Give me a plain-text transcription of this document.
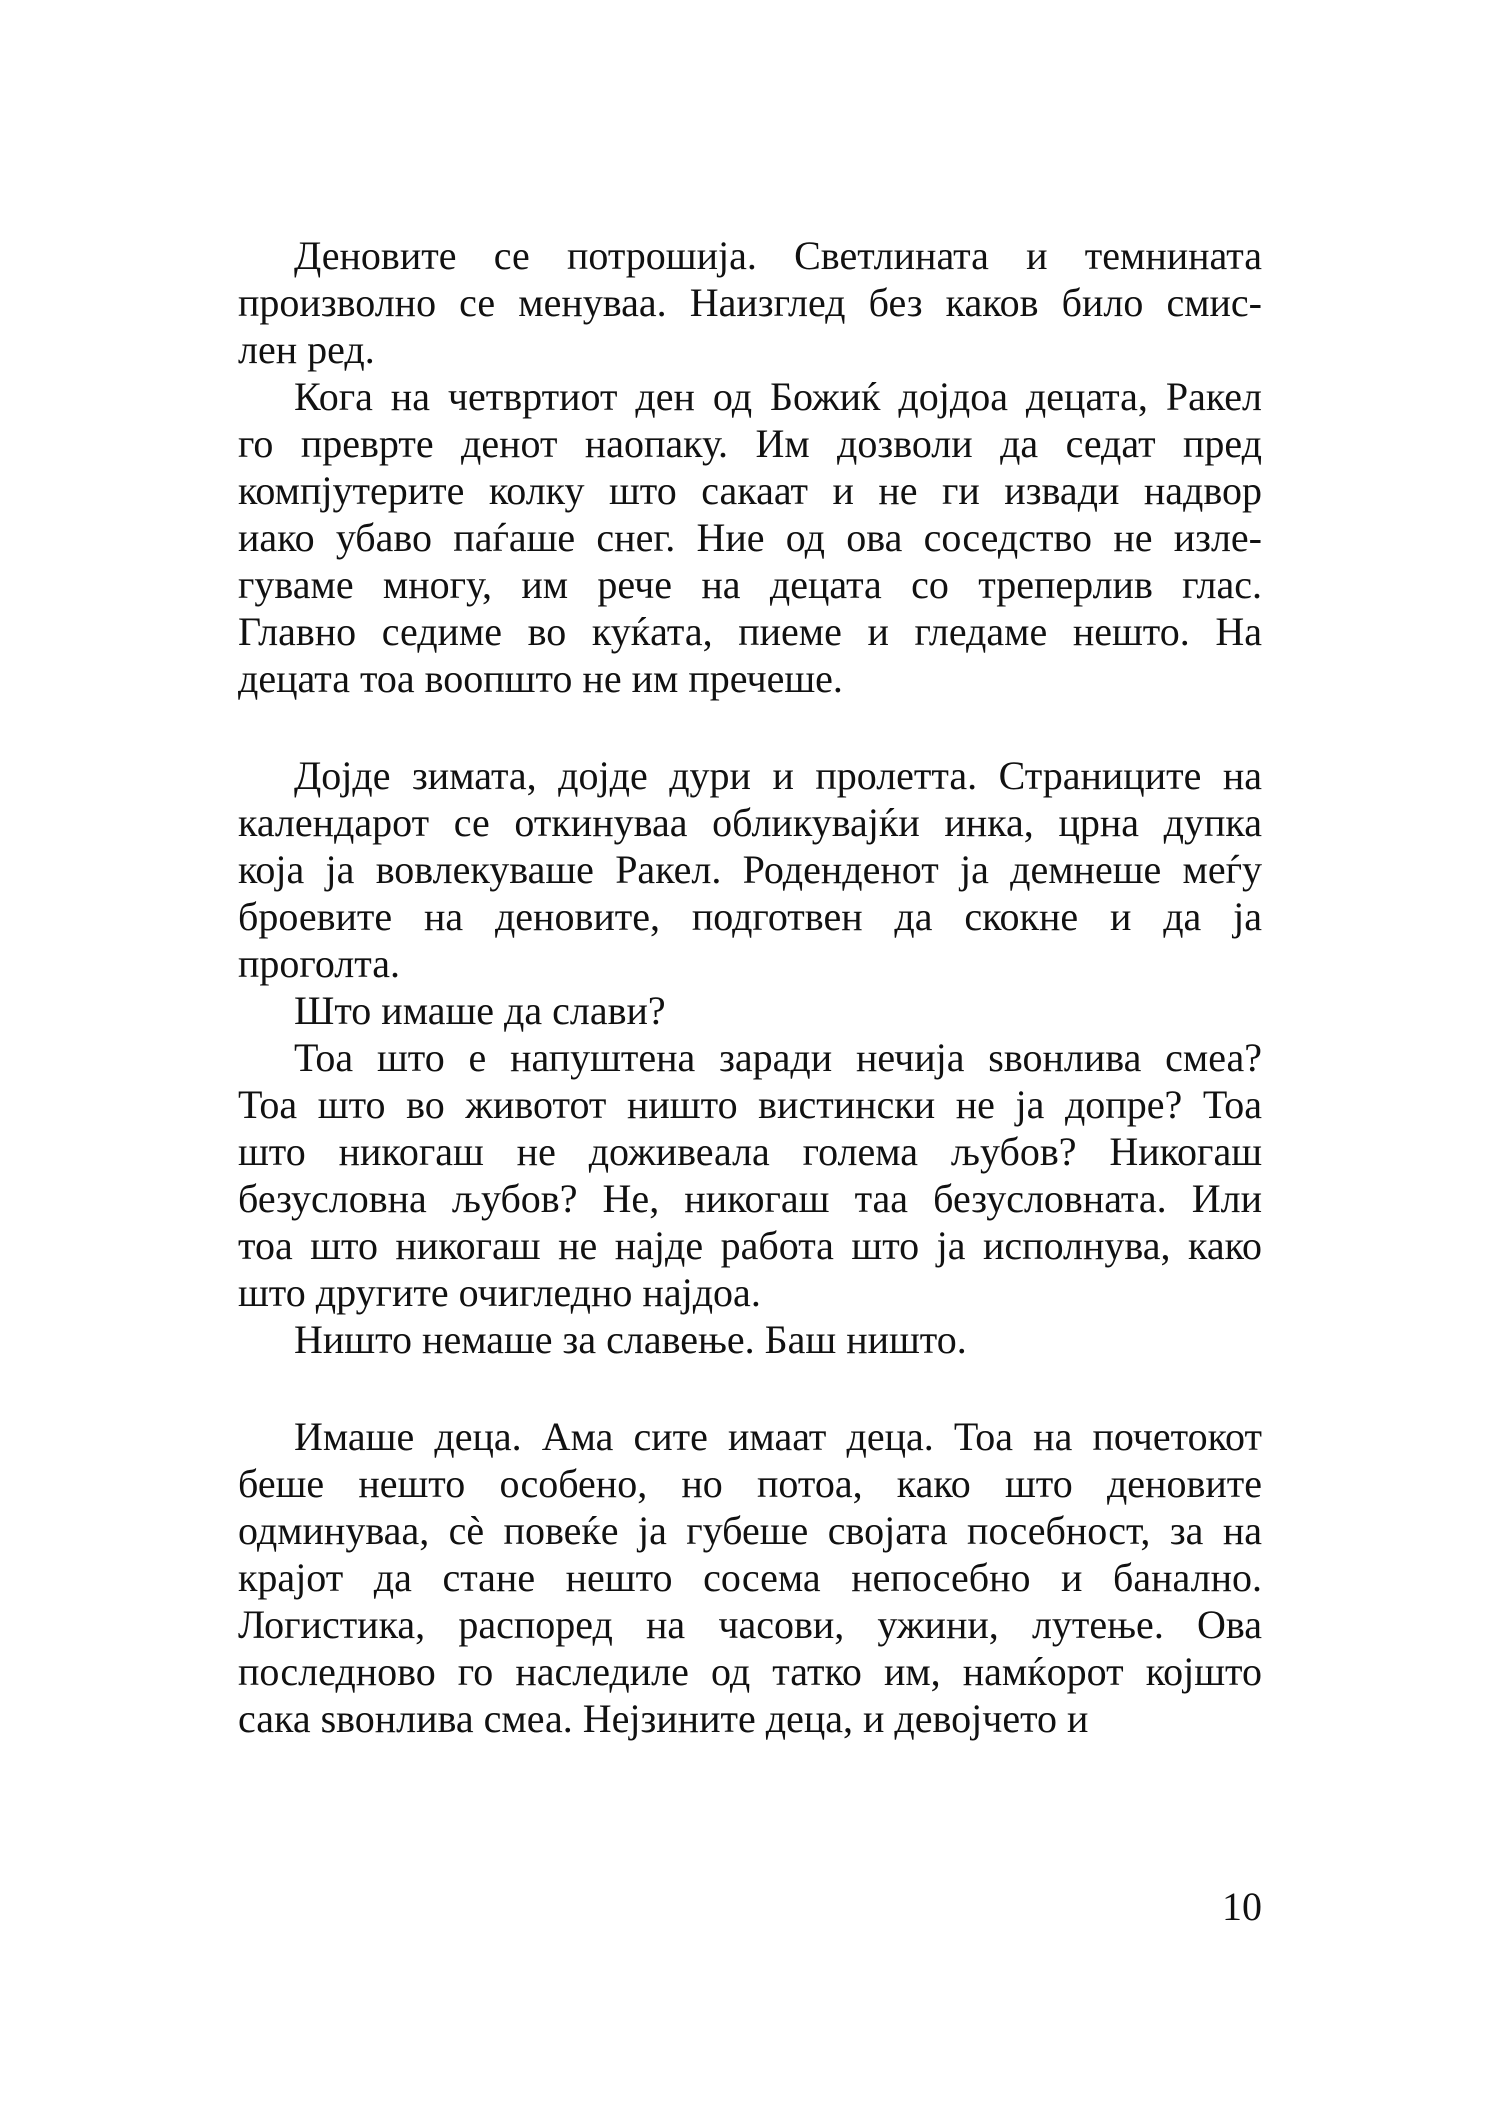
Деновите се потрошија. Светлината и темнината
произволно се менуваа. Наизглед без каков било смис-
лен ред.
Кога на четвртиот ден од Божиќ дојдоа децата, Ракел
го преврте денот наопаку. Им дозволи да седат пред
компјутерите колку што сакаат и не ги извади надвор
иако убаво паѓаше снег. Ние од ова соседство не изле-
гуваме многу, им рече на децата со треперлив глас.
Главно седиме во куќата, пиеме и гледаме нешто. На
децата тоа воопшто не им пречеше.
Дојде зимата, дојде дури и пролетта. Страниците на
календарот се откинуваа обликувајќи инка, црна дупка
која ја вовлекуваше Ракел. Роденденот ја демнеше меѓу
броевите на деновите, подготвен да скокне и да ја
проголта.
Што имаше да слави?
Тоа што е напуштена заради нечија ѕвонлива смеа?
Тоа што во животот ништо вистински не ја допре? Тоа
што никогаш не доживеала голема љубов? Никогаш
безусловна љубов? Не, никогаш таа безусловната. Или
тоа што никогаш не најде работа што ја исполнува, како
што другите очигледно најдоа.
Ништо немаше за славење. Баш ништо.
Имаше деца. Ама сите имаат деца. Тоа на почетокот
беше нешто особено, но потоа, како што деновите
одминуваа, сè повеќе ја губеше својата посебност, за на
крајот да стане нешто сосема непосебно и банално.
Логистика, распоред на часови, ужини, лутење. Ова
последново го наследиле од татко им, намќорот којшто
сака ѕвонлива смеа. Нејзините деца, и девојчето и
10
